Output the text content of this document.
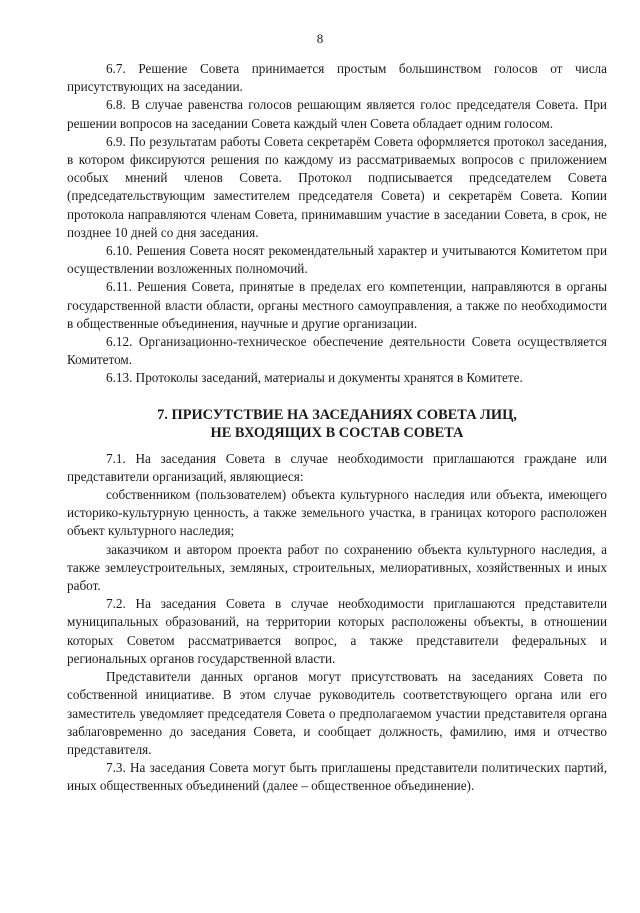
8

6.7. Решение Совета принимается простым большинством голосов от числа присутствующих на заседании.

6.8. В случае равенства голосов решающим является голос председателя Совета. При решении вопросов на заседании Совета каждый член Совета обладает одним голосом.

6.9. По результатам работы Совета секретарём Совета оформляется протокол заседания, в котором фиксируются решения по каждому из рассматриваемых вопросов с приложением особых мнений членов Совета. Протокол подписывается председателем Совета (председательствующим заместителем председателя Совета) и секретарём Совета. Копии протокола направляются членам Совета, принимавшим участие в заседании Совета, в срок, не позднее 10 дней со дня заседания.

6.10. Решения Совета носят рекомендательный характер и учитываются Комитетом при осуществлении возложенных полномочий.

6.11. Решения Совета, принятые в пределах его компетенции, направляются в органы государственной власти области, органы местного самоуправления, а также по необходимости в общественные объединения, научные и другие организации.

6.12. Организационно-техническое обеспечение деятельности Совета осуществляется Комитетом.

6.13. Протоколы заседаний, материалы и документы хранятся в Комитете.

7. ПРИСУТСТВИЕ НА ЗАСЕДАНИЯХ СОВЕТА ЛИЦ,
НЕ ВХОДЯЩИХ В СОСТАВ СОВЕТА

7.1. На заседания Совета в случае необходимости приглашаются граждане или представители организаций, являющиеся:

собственником (пользователем) объекта культурного наследия или объекта, имеющего историко-культурную ценность, а также земельного участка, в границах которого расположен объект культурного наследия;

заказчиком и автором проекта работ по сохранению объекта культурного наследия, а также землеустроительных, земляных, строительных, мелиоративных, хозяйственных и иных работ.

7.2. На заседания Совета в случае необходимости приглашаются представители муниципальных образований, на территории которых расположены объекты, в отношении которых Советом рассматривается вопрос, а также представители федеральных и региональных органов государственной власти.

Представители данных органов могут присутствовать на заседаниях Совета по собственной инициативе. В этом случае руководитель соответствующего органа или его заместитель уведомляет председателя Совета о предполагаемом участии представителя органа заблаговременно до заседания Совета, и сообщает должность, фамилию, имя и отчество представителя.

7.3. На заседания Совета могут быть приглашены представители политических партий, иных общественных объединений (далее – общественное объединение).
